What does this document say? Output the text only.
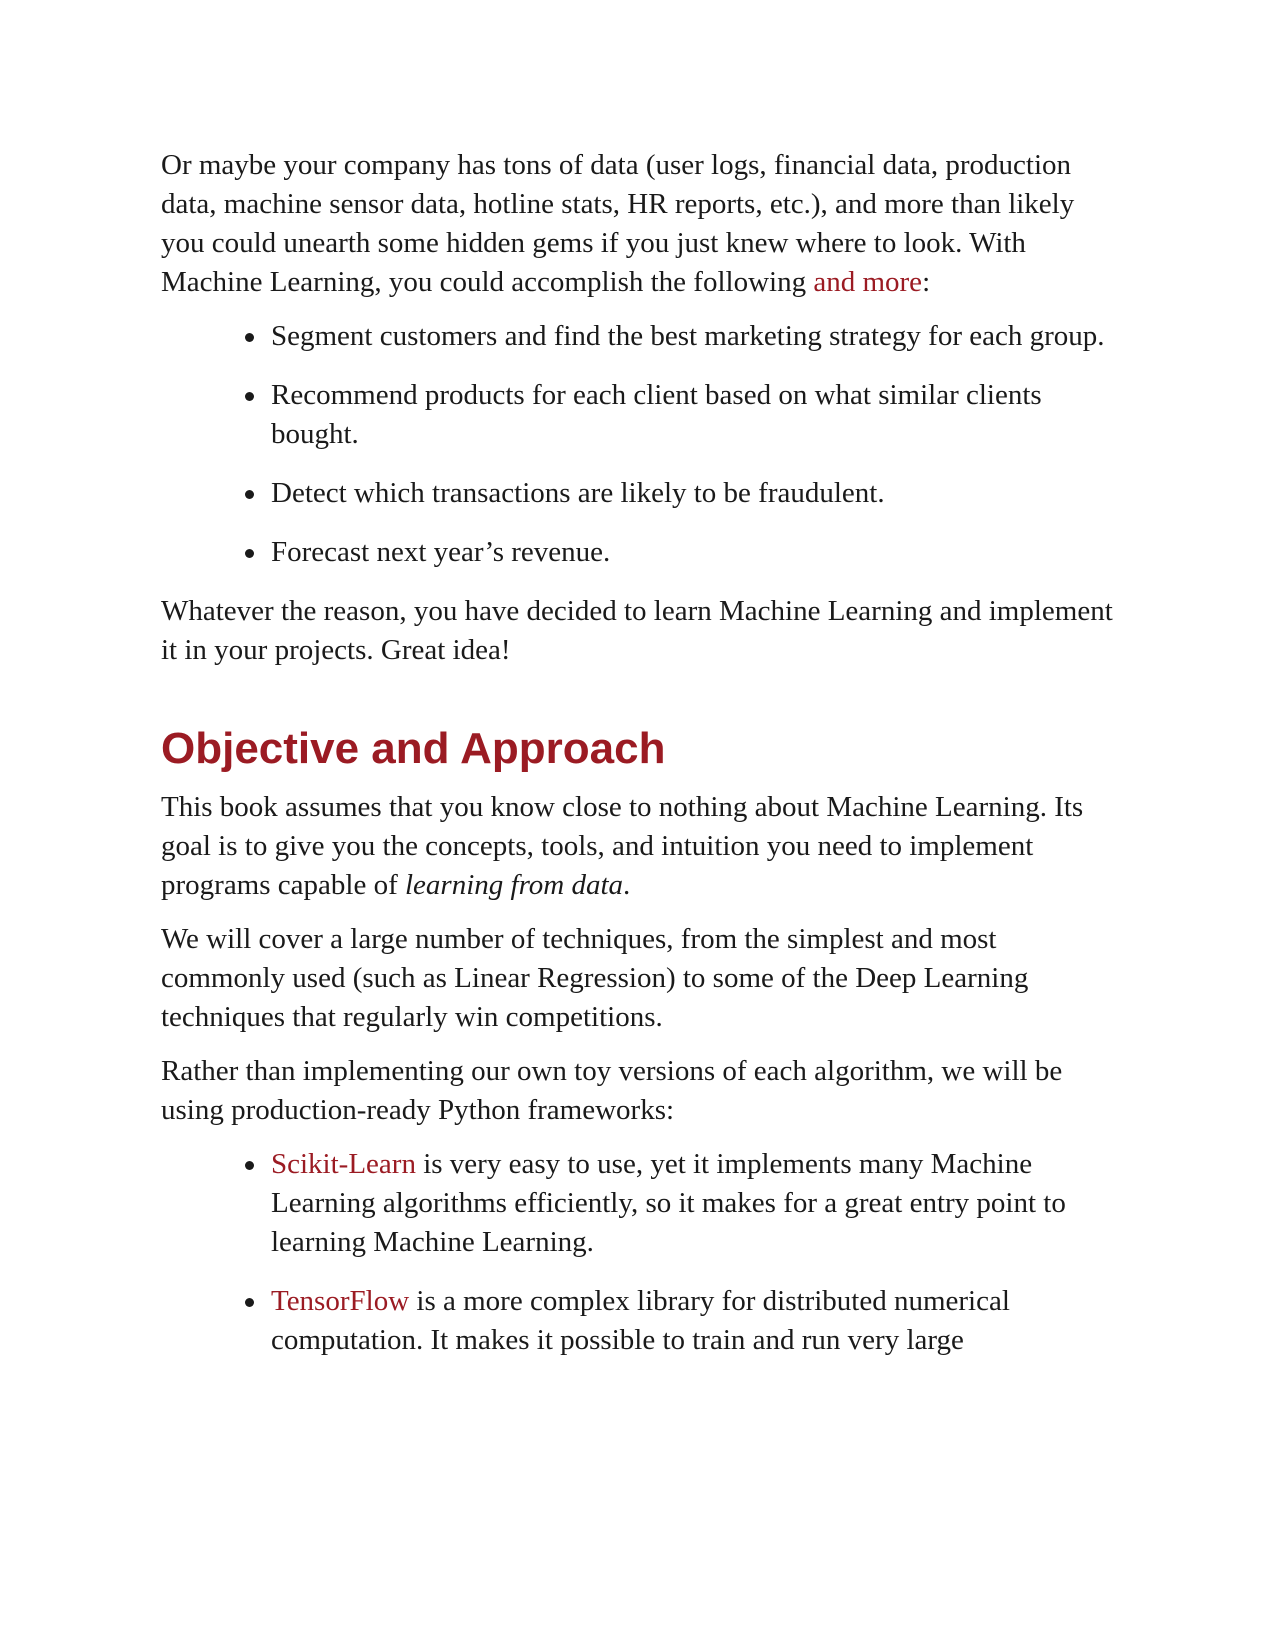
Or maybe your company has tons of data (user logs, financial data, production data, machine sensor data, hotline stats, HR reports, etc.), and more than likely you could unearth some hidden gems if you just knew where to look. With Machine Learning, you could accomplish the following and more:

Segment customers and find the best marketing strategy for each group.
Recommend products for each client based on what similar clients bought.
Detect which transactions are likely to be fraudulent.
Forecast next year’s revenue.

Whatever the reason, you have decided to learn Machine Learning and implement it in your projects. Great idea!

Objective and Approach

This book assumes that you know close to nothing about Machine Learning. Its goal is to give you the concepts, tools, and intuition you need to implement programs capable of learning from data.

We will cover a large number of techniques, from the simplest and most commonly used (such as Linear Regression) to some of the Deep Learning techniques that regularly win competitions.

Rather than implementing our own toy versions of each algorithm, we will be using production-ready Python frameworks:

Scikit-Learn is very easy to use, yet it implements many Machine Learning algorithms efficiently, so it makes for a great entry point to learning Machine Learning.
TensorFlow is a more complex library for distributed numerical computation. It makes it possible to train and run very large
